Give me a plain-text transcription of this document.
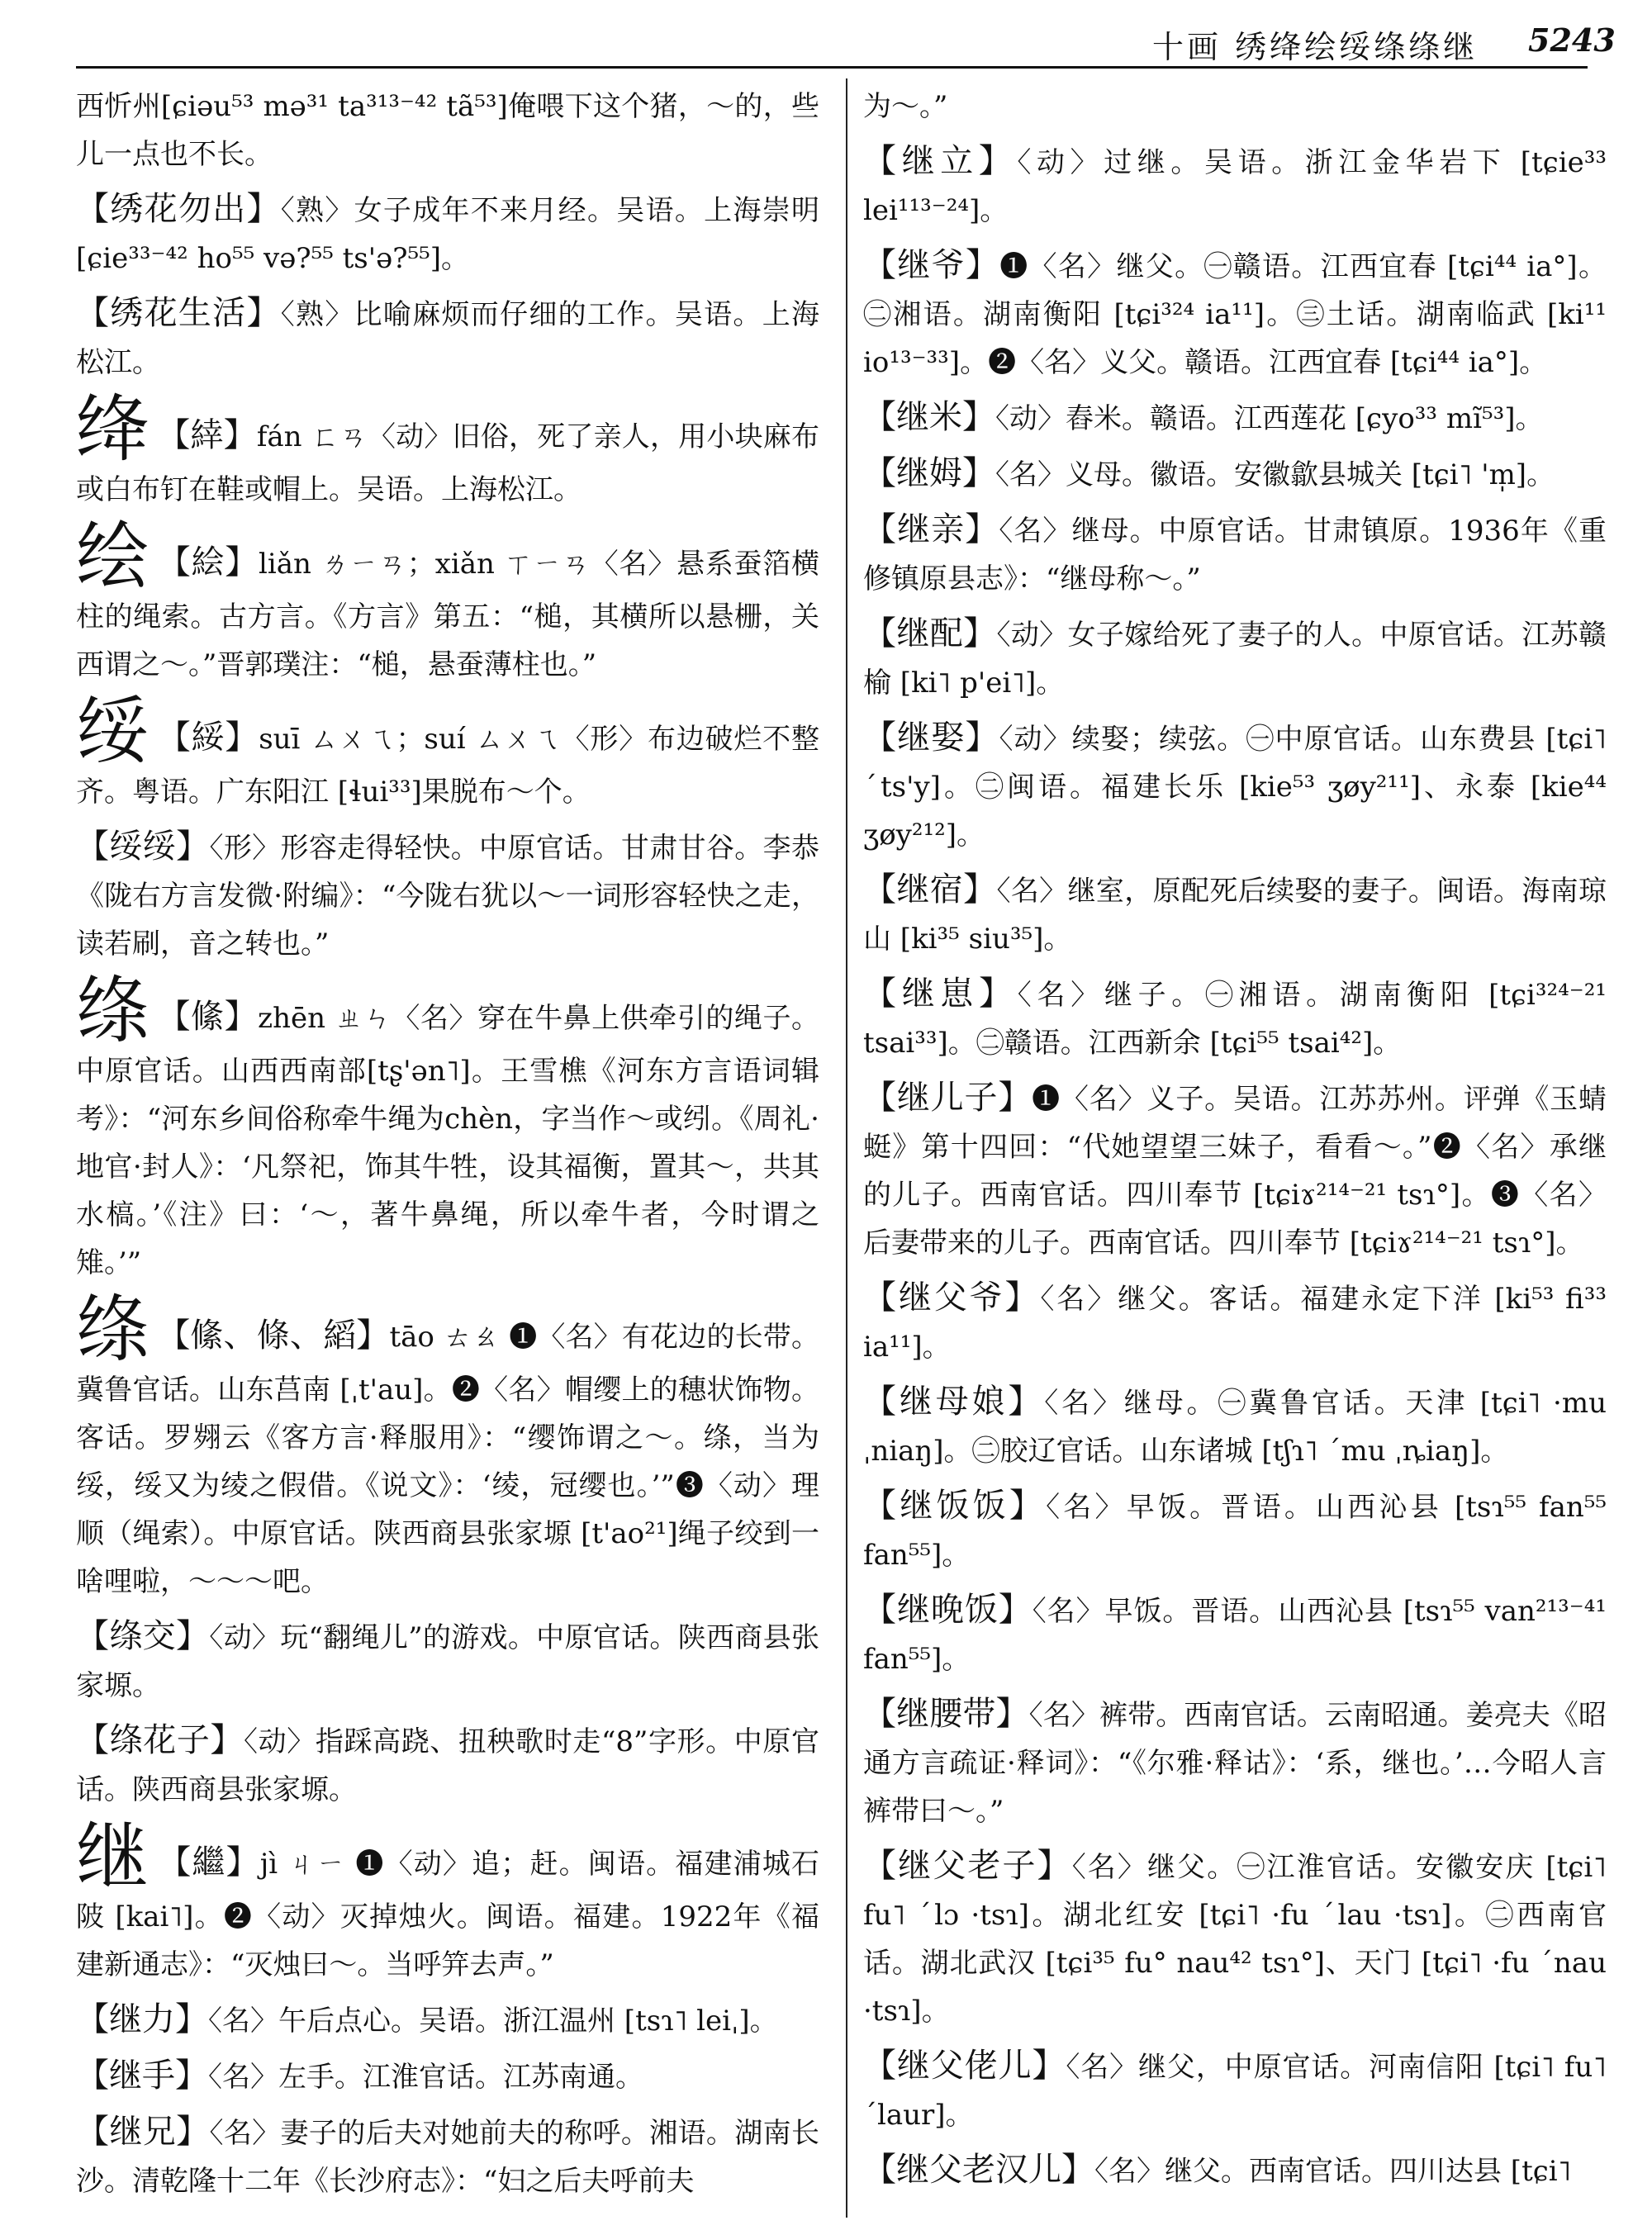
十画 绣绛绘绥绦绦继 5243
西忻州[ɕiəu⁵³ mə³¹ ta³¹³⁻⁴² tã⁵³]俺喂下这个猪，～的，些儿一点也不长。
【绣花勿出】〈熟〉女子成年不来月经。吴语。上海崇明 [ɕie³³⁻⁴² ho⁵⁵ və?⁵⁵ ts'ə?⁵⁵]。
【绣花生活】〈熟〉比喻麻烦而仔细的工作。吴语。上海松江。
绛 【緈】fán ㄈㄢ〈动〉旧俗，死了亲人，用小块麻布或白布钉在鞋或帽上。吴语。上海松江。
绘 【絵】liǎn ㄌㄧㄢ；xiǎn ㄒㄧㄢ〈名〉悬系蚕箔横柱的绳索。古方言。《方言》第五：“槌，其横所以悬栅，关西谓之～。”晋郭璞注：“槌，悬蚕薄柱也。”
绥 【綏】suī ㄙㄨㄟ；suí ㄙㄨㄟ〈形〉布边破烂不整齐。粤语。广东阳江 [ɬui³³]果脱布～个。
【绥绥】〈形〉形容走得轻快。中原官话。甘肃甘谷。李恭《陇右方言发微·附编》：“今陇右犹以～一词形容轻快之走，读若刷，音之转也。”
绦 【絛】zhēn ㄓㄣ〈名〉穿在牛鼻上供牵引的绳子。中原官话。山西西南部[tʂ'ən˥]。王雪樵《河东方言语词辑考》：“河东乡间俗称牵牛绳为chèn，字当作～或纼。《周礼·地官·封人》：‘凡祭祀，饰其牛牲，设其福衡，置其～，共其水槁。’《注》曰：‘～，著牛鼻绳，所以牵牛者，今时谓之雉。’”
绦 【絛、條、縚】tāo ㄊㄠ ❶〈名〉有花边的长带。冀鲁官话。山东莒南 [ˌt'au]。❷〈名〉帽缨上的穗状饰物。客话。罗翙云《客方言·释服用》：“缨饰谓之～。绦，当为绥，绥又为绫之假借。《说文》：‘绫，冠缨也。’”❸〈动〉理顺（绳索）。中原官话。陕西商县张家塬 [t'ao²¹]绳子绞到一啥哩啦，～～～吧。
【绦交】〈动〉玩“翻绳儿”的游戏。中原官话。陕西商县张家塬。
【绦花子】〈动〉指踩高跷、扭秧歌时走“8”字形。中原官话。陕西商县张家塬。
继 【繼】jì ㄐㄧ ❶〈动〉追；赶。闽语。福建浦城石陂 [kai˥]。❷〈动〉灭掉烛火。闽语。福建。1922年《福建新通志》：“灭烛曰～。当呼笄去声。”
【继力】〈名〉午后点心。吴语。浙江温州 [tsɿ˥ leiˌ]。
【继手】〈名〉左手。江淮官话。江苏南通。
【继兄】〈名〉妻子的后夫对她前夫的称呼。湘语。湖南长沙。清乾隆十二年《长沙府志》：“妇之后夫呼前夫
为～。”
【继立】〈动〉过继。吴语。浙江金华岩下 [tɕie³³ lei¹¹³⁻²⁴]。
【继爷】❶〈名〉继父。㊀赣语。江西宜春 [tɕi⁴⁴ ia°]。㊁湘语。湖南衡阳 [tɕi³²⁴ ia¹¹]。㊂土话。湖南临武 [ki¹¹ io¹³⁻³³]。❷〈名〉义父。赣语。江西宜春 [tɕi⁴⁴ ia°]。
【继米】〈动〉舂米。赣语。江西莲花 [ɕyo³³ mĩ⁵³]。
【继姆】〈名〉义母。徽语。安徽歙县城关 [tɕi˥ 'm̩]。
【继亲】〈名〉继母。中原官话。甘肃镇原。1936年《重修镇原县志》：“继母称～。”
【继配】〈动〉女子嫁给死了妻子的人。中原官话。江苏赣榆 [ki˥ p'ei˥]。
【继娶】〈动〉续娶；续弦。㊀中原官话。山东费县 [tɕi˥ ˊts'y]。㊁闽语。福建长乐 [kie⁵³ ʒøy²¹¹]、永泰 [kie⁴⁴ ʒøy²¹²]。
【继宿】〈名〉继室，原配死后续娶的妻子。闽语。海南琼山 [ki³⁵ siu³⁵]。
【继崽】〈名〉继子。㊀湘语。湖南衡阳 [tɕi³²⁴⁻²¹ tsai³³]。㊁赣语。江西新余 [tɕi⁵⁵ tsai⁴²]。
【继儿子】❶〈名〉义子。吴语。江苏苏州。评弹《玉蜻蜓》第十四回：“代她望望三妹子，看看～。”❷〈名〉承继的儿子。西南官话。四川奉节 [tɕiɤ²¹⁴⁻²¹ tsɿ°]。❸〈名〉后妻带来的儿子。西南官话。四川奉节 [tɕiɤ²¹⁴⁻²¹ tsɿ°]。
【继父爷】〈名〉继父。客话。福建永定下洋 [ki⁵³ fi³³ ia¹¹]。
【继母娘】〈名〉继母。㊀冀鲁官话。天津 [tɕi˥ ·mu ˌniaŋ]。㊁胶辽官话。山东诸城 [tʃɿ˥ ˊmu ˌȵiaŋ]。
【继饭饭】〈名〉早饭。晋语。山西沁县 [tsɿ⁵⁵ fan⁵⁵ fan⁵⁵]。
【继晚饭】〈名〉早饭。晋语。山西沁县 [tsɿ⁵⁵ van²¹³⁻⁴¹ fan⁵⁵]。
【继腰带】〈名〉裤带。西南官话。云南昭通。姜亮夫《昭通方言疏证·释词》：“《尔雅·释诂》：‘系，继也。’…今昭人言裤带曰～。”
【继父老子】〈名〉继父。㊀江淮官话。安徽安庆 [tɕi˥ fu˥ ˊlɔ ·tsɿ]。湖北红安 [tɕi˥ ·fu ˊlau ·tsɿ]。㊁西南官话。湖北武汉 [tɕi³⁵ fu° nau⁴² tsɿ°]、天门 [tɕi˥ ·fu ˊnau ·tsɿ]。
【继父佬儿】〈名〉继父，中原官话。河南信阳 [tɕi˥ fu˥ ˊlaur]。
【继父老汉儿】〈名〉继父。西南官话。四川达县 [tɕi˥
